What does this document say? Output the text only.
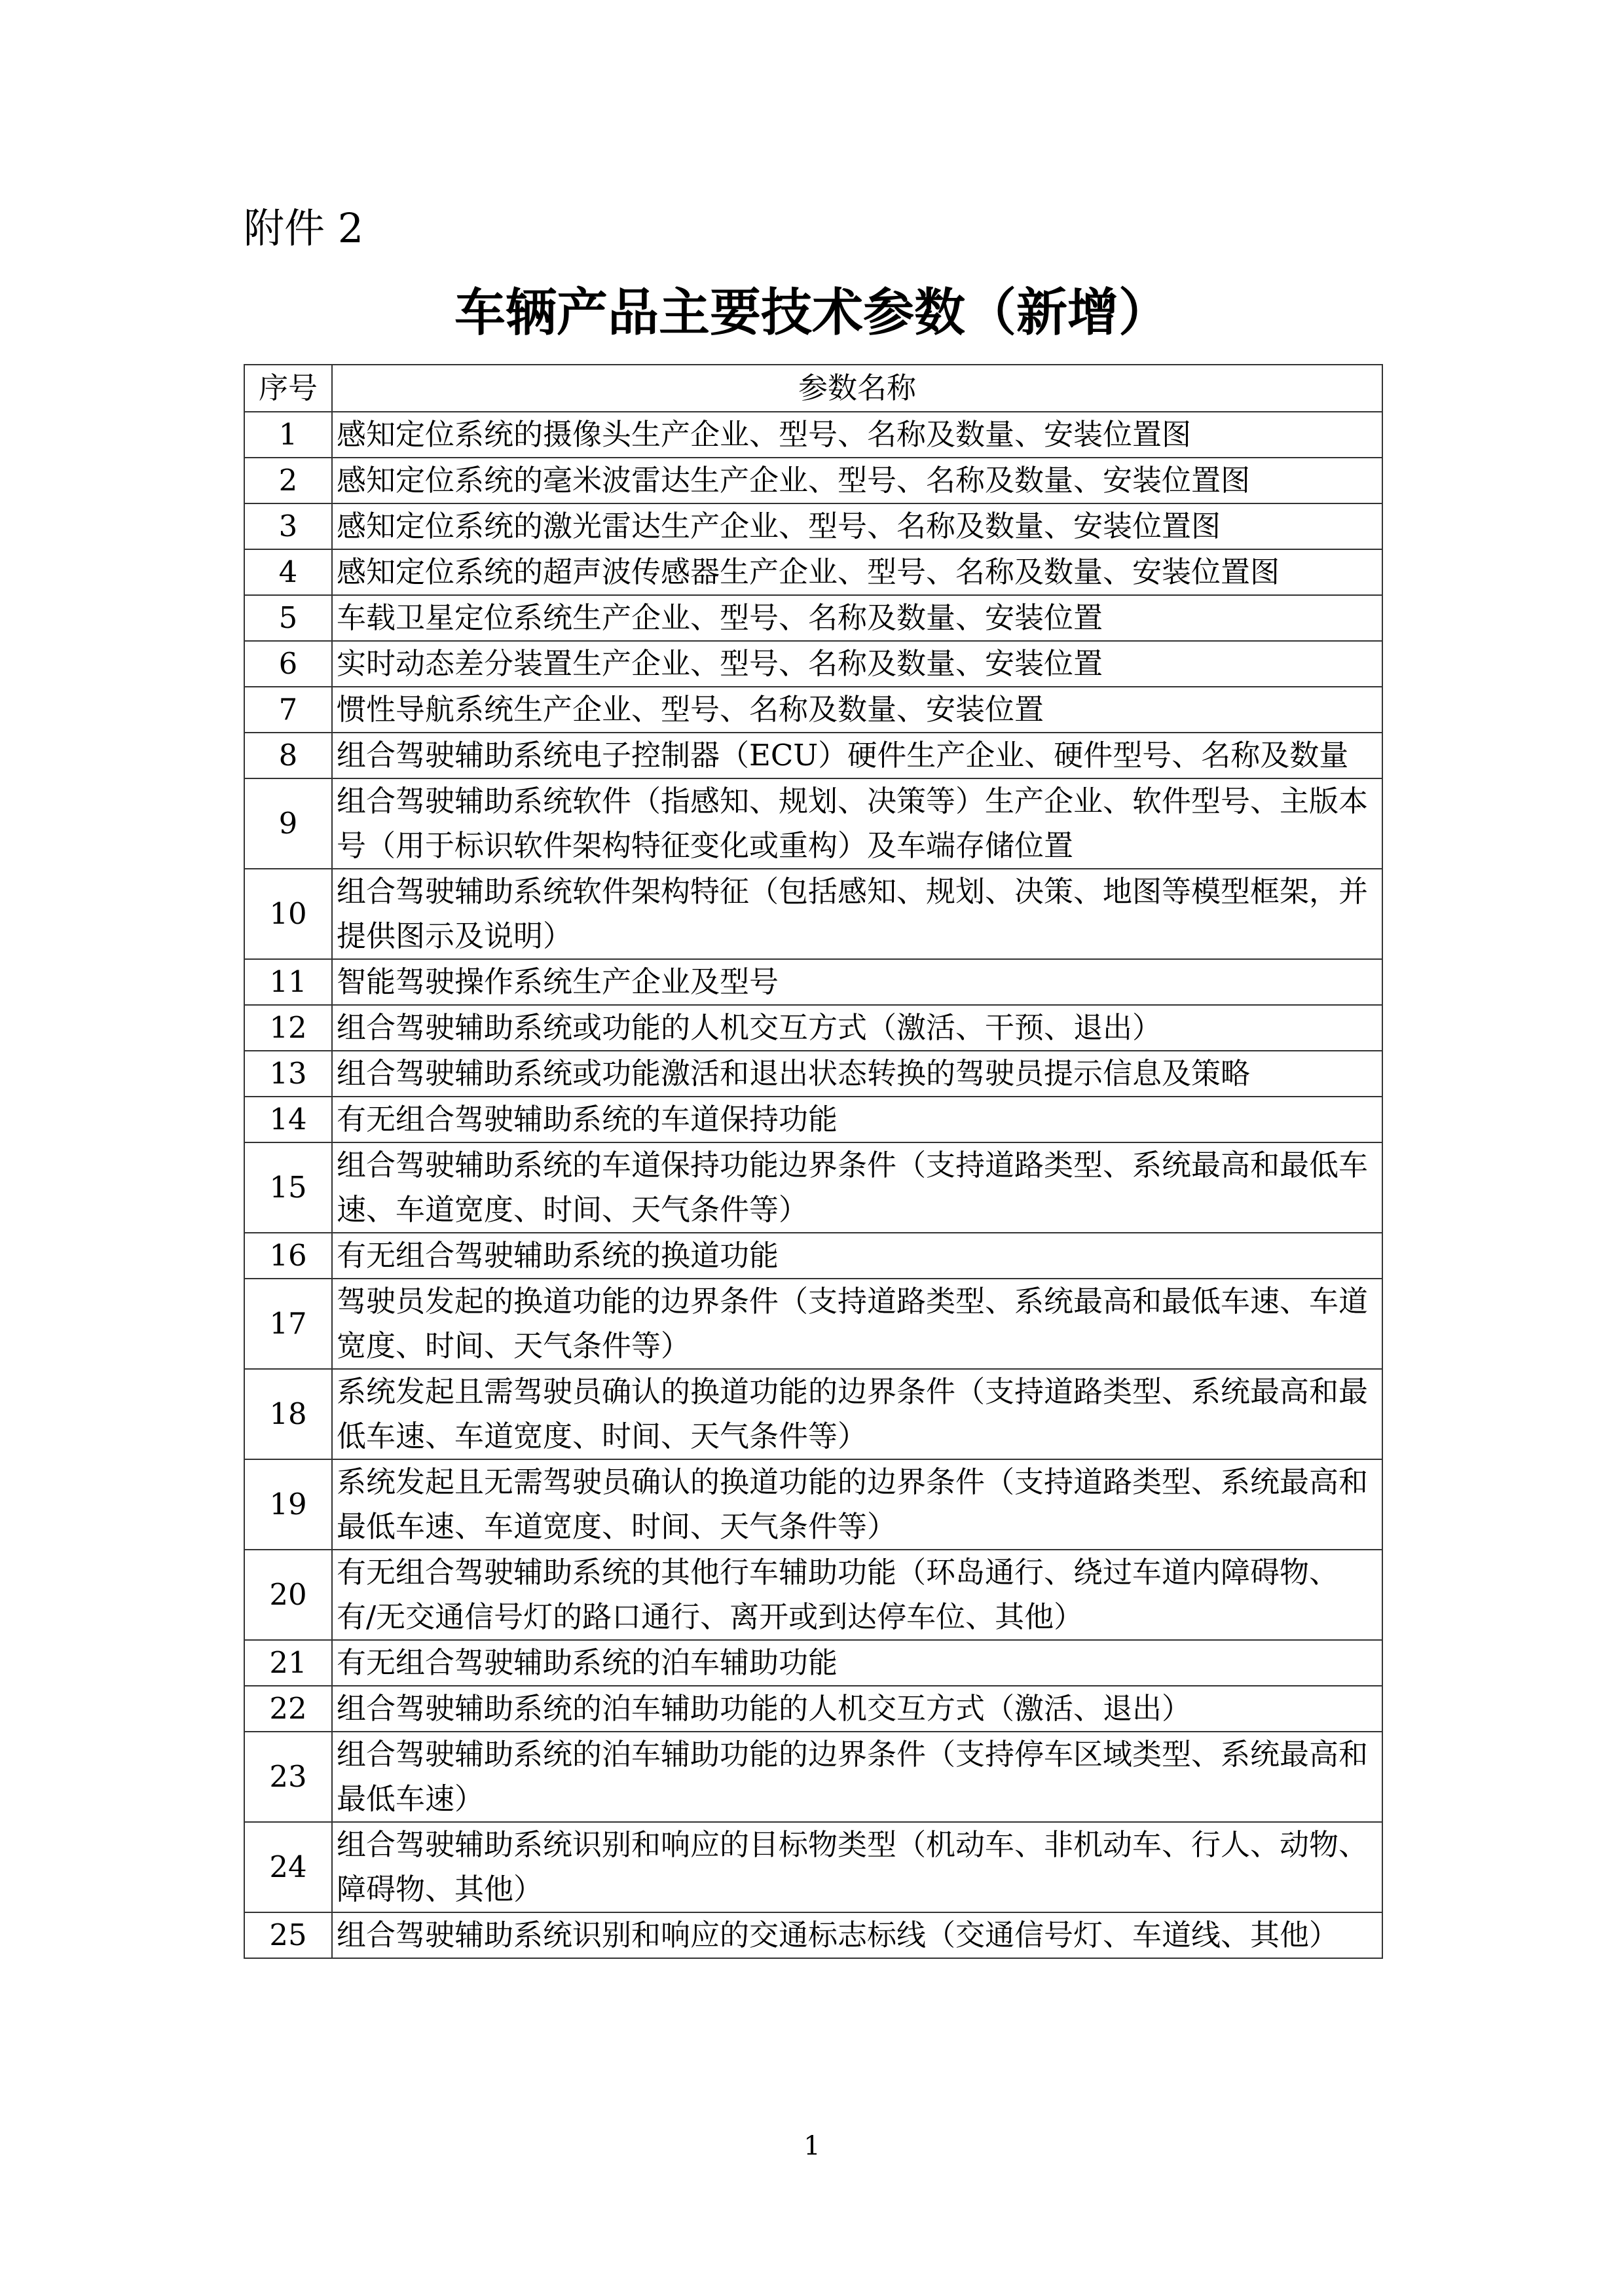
附件 2
车辆产品主要技术参数（新增）
序号	参数名称
1	感知定位系统的摄像头生产企业、型号、名称及数量、安装位置图
2	感知定位系统的毫米波雷达生产企业、型号、名称及数量、安装位置图
3	感知定位系统的激光雷达生产企业、型号、名称及数量、安装位置图
4	感知定位系统的超声波传感器生产企业、型号、名称及数量、安装位置图
5	车载卫星定位系统生产企业、型号、名称及数量、安装位置
6	实时动态差分装置生产企业、型号、名称及数量、安装位置
7	惯性导航系统生产企业、型号、名称及数量、安装位置
8	组合驾驶辅助系统电子控制器（ECU）硬件生产企业、硬件型号、名称及数量
9	组合驾驶辅助系统软件（指感知、规划、决策等）生产企业、软件型号、主版本号（用于标识软件架构特征变化或重构）及车端存储位置
10	组合驾驶辅助系统软件架构特征（包括感知、规划、决策、地图等模型框架，并提供图示及说明）
11	智能驾驶操作系统生产企业及型号
12	组合驾驶辅助系统或功能的人机交互方式（激活、干预、退出）
13	组合驾驶辅助系统或功能激活和退出状态转换的驾驶员提示信息及策略
14	有无组合驾驶辅助系统的车道保持功能
15	组合驾驶辅助系统的车道保持功能边界条件（支持道路类型、系统最高和最低车速、车道宽度、时间、天气条件等）
16	有无组合驾驶辅助系统的换道功能
17	驾驶员发起的换道功能的边界条件（支持道路类型、系统最高和最低车速、车道宽度、时间、天气条件等）
18	系统发起且需驾驶员确认的换道功能的边界条件（支持道路类型、系统最高和最低车速、车道宽度、时间、天气条件等）
19	系统发起且无需驾驶员确认的换道功能的边界条件（支持道路类型、系统最高和最低车速、车道宽度、时间、天气条件等）
20	有无组合驾驶辅助系统的其他行车辅助功能（环岛通行、绕过车道内障碍物、有/无交通信号灯的路口通行、离开或到达停车位、其他）
21	有无组合驾驶辅助系统的泊车辅助功能
22	组合驾驶辅助系统的泊车辅助功能的人机交互方式（激活、退出）
23	组合驾驶辅助系统的泊车辅助功能的边界条件（支持停车区域类型、系统最高和最低车速）
24	组合驾驶辅助系统识别和响应的目标物类型（机动车、非机动车、行人、动物、障碍物、其他）
25	组合驾驶辅助系统识别和响应的交通标志标线（交通信号灯、车道线、其他）
1
